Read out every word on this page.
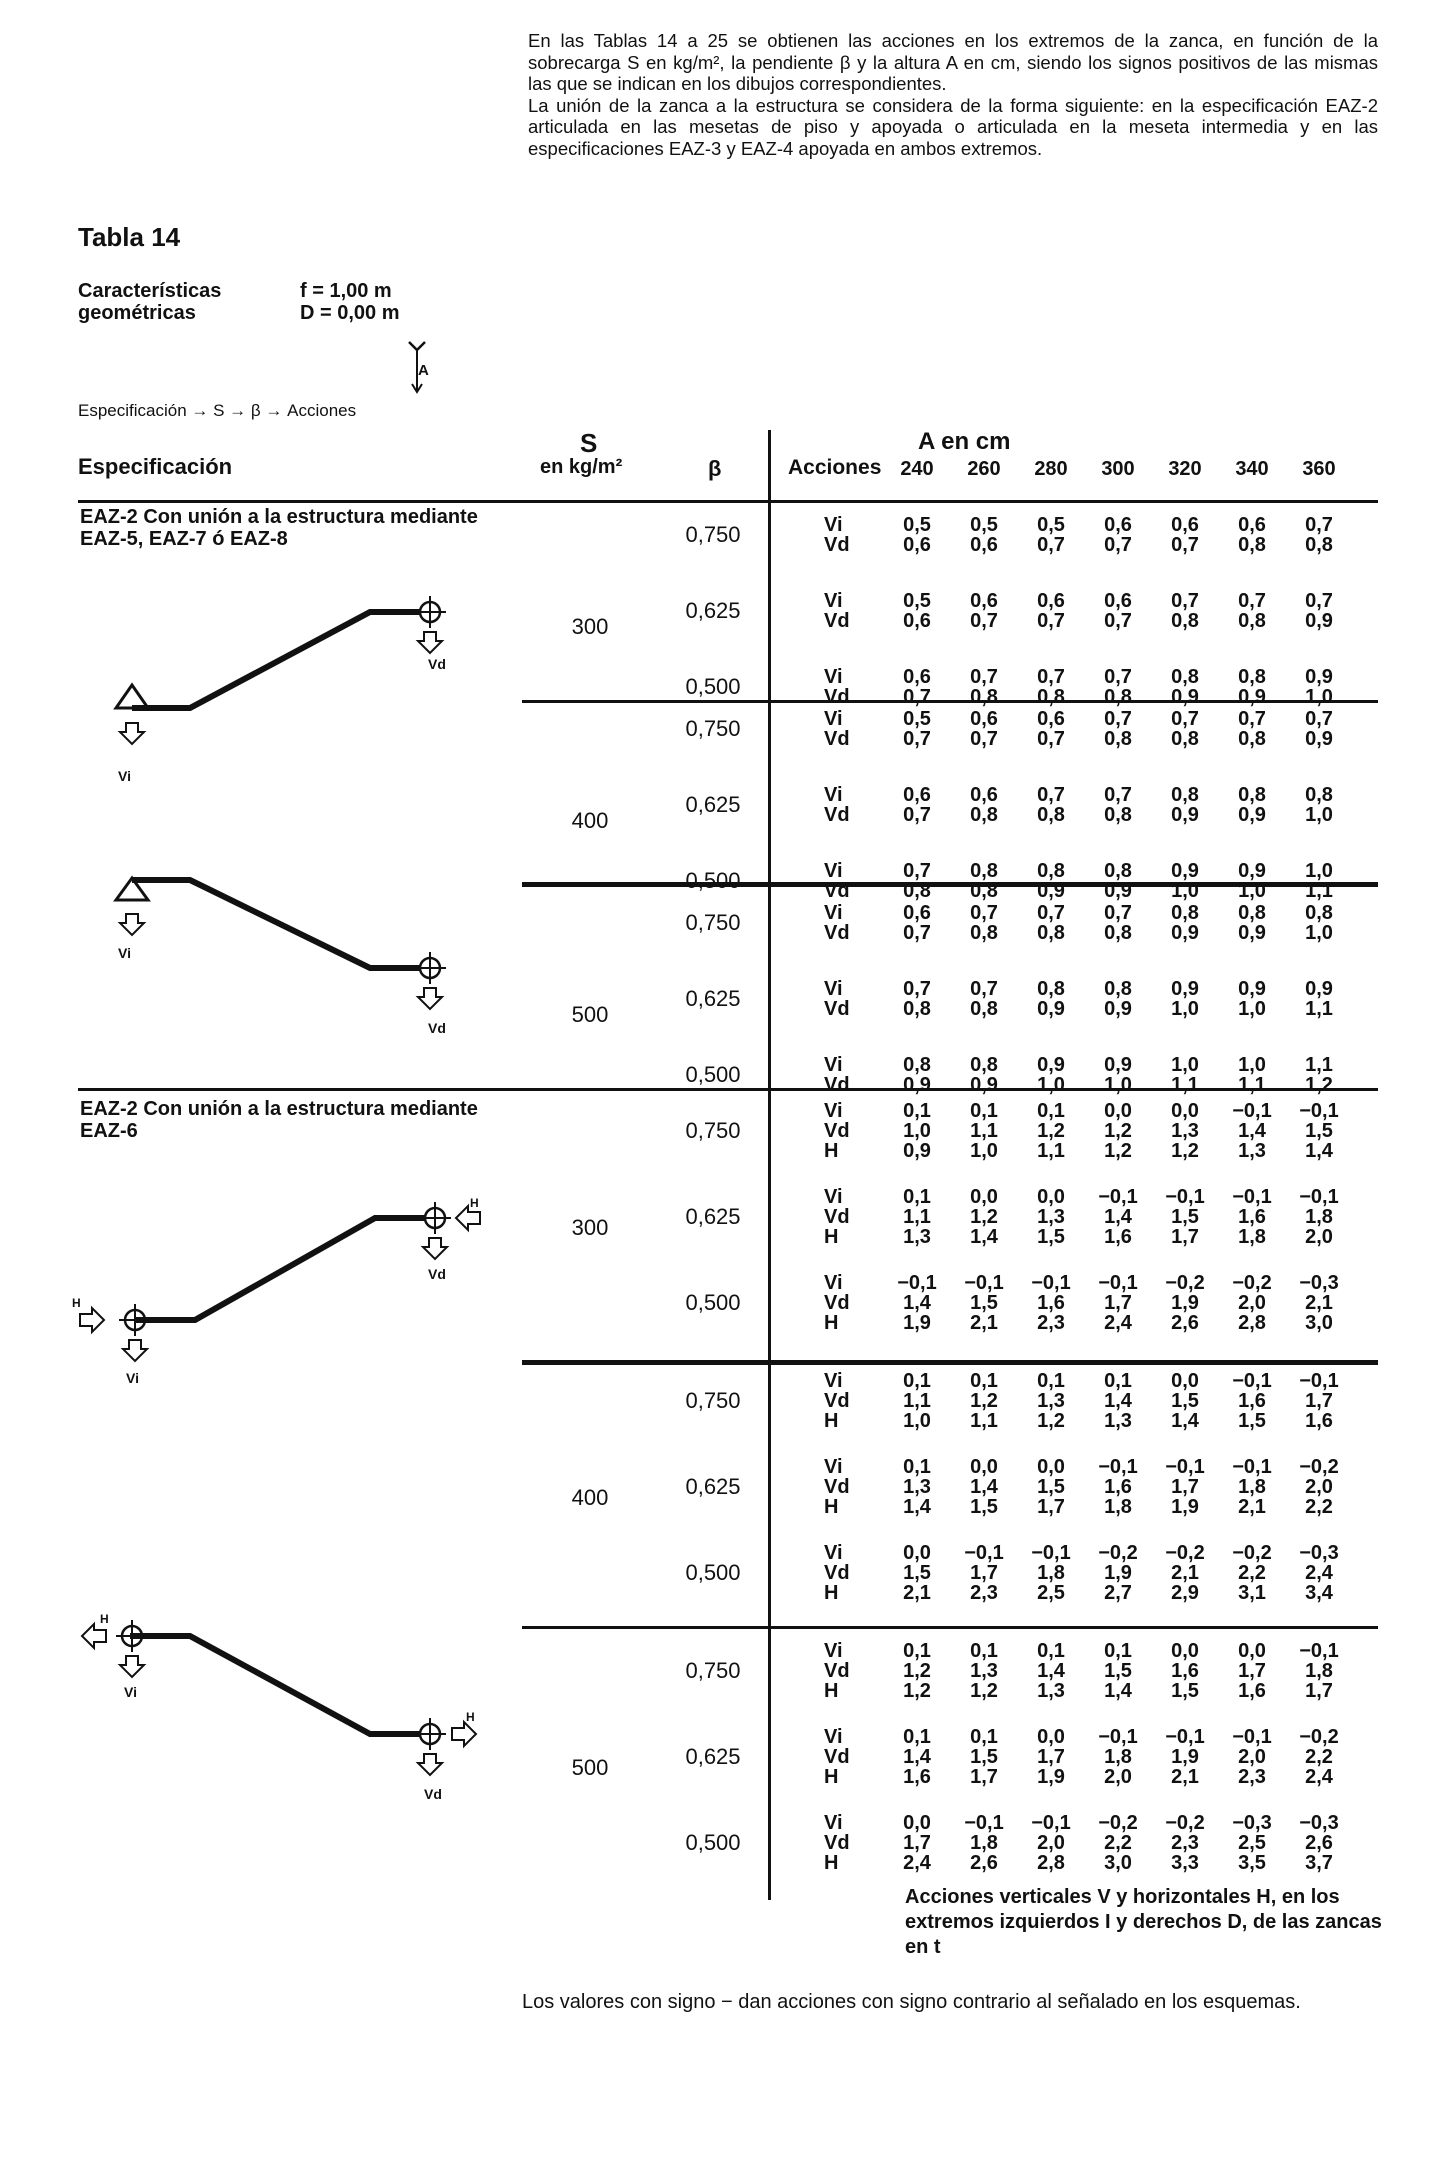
En las Tablas 14 a 25 se obtienen las acciones en los extremos de la zanca, en función de la sobrecarga S en kg/m², la pendiente β y la altura A en cm, siendo los signos positivos de las mismas las que se indican en los dibujos correspondientes.

La unión de la zanca a la estructura se considera de la forma siguiente: en la especificación EAZ-2 articulada en las mesetas de piso y apoyada o articulada en la meseta intermedia y en las especificaciones EAZ-3 y EAZ-4 apoyada en ambos extremos.

Tabla 14
Características
geométricas
f = 1,00 m
D = 0,00 m
A
Especificación → S → β → Acciones
Especificación
S
en kg/m²	β	Acciones
A en cm
240	260	280	300	320	340	360
EAZ-2 Con unión a la estructura mediante EAZ-5, EAZ-7 ó EAZ-8
EAZ-2 Con unión a la estructura mediante EAZ-6
Vi
Vd
Vi
Vd
Vi
Vd
H
H
Vi
Vd
H
H
300
0,750	Vi	0,5	0,5	0,5	0,6	0,6	0,6	0,7
Vd	0,6	0,6	0,7	0,7	0,7	0,8	0,8
0,625	Vi	0,5	0,6	0,6	0,6	0,7	0,7	0,7
Vd	0,6	0,7	0,7	0,7	0,8	0,8	0,9
0,500	Vi	0,6	0,7	0,7	0,7	0,8	0,8	0,9
Vd	0,7	0,8	0,8	0,8	0,9	0,9	1,0
400
0,750	Vi	0,5	0,6	0,6	0,7	0,7	0,7	0,7
Vd	0,7	0,7	0,7	0,8	0,8	0,8	0,9
0,625	Vi	0,6	0,6	0,7	0,7	0,8	0,8	0,8
Vd	0,7	0,8	0,8	0,8	0,9	0,9	1,0
0,500	Vi	0,7	0,8	0,8	0,8	0,9	0,9	1,0
Vd	0,8	0,8	0,9	0,9	1,0	1,0	1,1
500
0,750	Vi	0,6	0,7	0,7	0,7	0,8	0,8	0,8
Vd	0,7	0,8	0,8	0,8	0,9	0,9	1,0
0,625	Vi	0,7	0,7	0,8	0,8	0,9	0,9	0,9
Vd	0,8	0,8	0,9	0,9	1,0	1,0	1,1
0,500	Vi	0,8	0,8	0,9	0,9	1,0	1,0	1,1
Vd	0,9	0,9	1,0	1,0	1,1	1,1	1,2
300
0,750
Vi	0,1	0,1	0,1	0,0	0,0	−0,1	−0,1
Vd	1,0	1,1	1,2	1,2	1,3	1,4	1,5
H	0,9	1,0	1,1	1,2	1,2	1,3	1,4
0,625
Vi	0,1	0,0	0,0	−0,1	−0,1	−0,1	−0,1
Vd	1,1	1,2	1,3	1,4	1,5	1,6	1,8
H	1,3	1,4	1,5	1,6	1,7	1,8	2,0
0,500
Vi	−0,1	−0,1	−0,1	−0,1	−0,2	−0,2	−0,3
Vd	1,4	1,5	1,6	1,7	1,9	2,0	2,1
H	1,9	2,1	2,3	2,4	2,6	2,8	3,0
400
0,750
Vi	0,1	0,1	0,1	0,1	0,0	−0,1	−0,1
Vd	1,1	1,2	1,3	1,4	1,5	1,6	1,7
H	1,0	1,1	1,2	1,3	1,4	1,5	1,6
0,625
Vi	0,1	0,0	0,0	−0,1	−0,1	−0,1	−0,2
Vd	1,3	1,4	1,5	1,6	1,7	1,8	2,0
H	1,4	1,5	1,7	1,8	1,9	2,1	2,2
0,500
Vi	0,0	−0,1	−0,1	−0,2	−0,2	−0,2	−0,3
Vd	1,5	1,7	1,8	1,9	2,1	2,2	2,4
H	2,1	2,3	2,5	2,7	2,9	3,1	3,4
500
0,750
Vi	0,1	0,1	0,1	0,1	0,0	0,0	−0,1
Vd	1,2	1,3	1,4	1,5	1,6	1,7	1,8
H	1,2	1,2	1,3	1,4	1,5	1,6	1,7
0,625
Vi	0,1	0,1	0,0	−0,1	−0,1	−0,1	−0,2
Vd	1,4	1,5	1,7	1,8	1,9	2,0	2,2
H	1,6	1,7	1,9	2,0	2,1	2,3	2,4
0,500
Vi	0,0	−0,1	−0,1	−0,2	−0,2	−0,3	−0,3
Vd	1,7	1,8	2,0	2,2	2,3	2,5	2,6
H	2,4	2,6	2,8	3,0	3,3	3,5	3,7
Acciones verticales V y horizontales H, en los extremos izquierdos I y derechos D, de las zancas en t
Los valores con signo − dan acciones con signo contrario al señalado en los esquemas.
